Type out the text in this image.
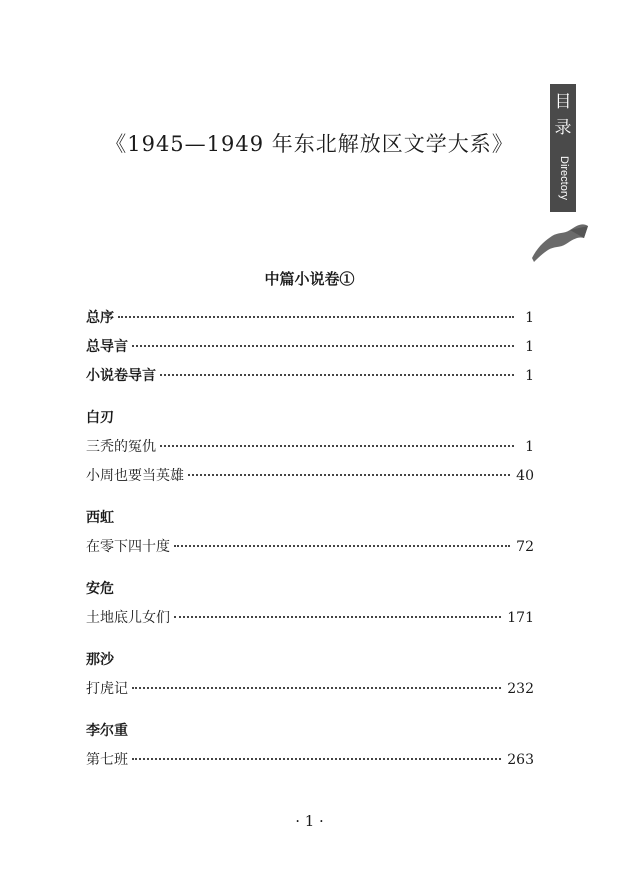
目
录
Directory
《1945—1949 年东北解放区文学大系》
中篇小说卷①
总序	1
总导言	1
小说卷导言	1
白刃
三秃的冤仇	1
小周也要当英雄	40
西虹
在零下四十度	72
安危
土地底儿女们	171
那沙
打虎记	232
李尔重
第七班	263
· 1 ·
